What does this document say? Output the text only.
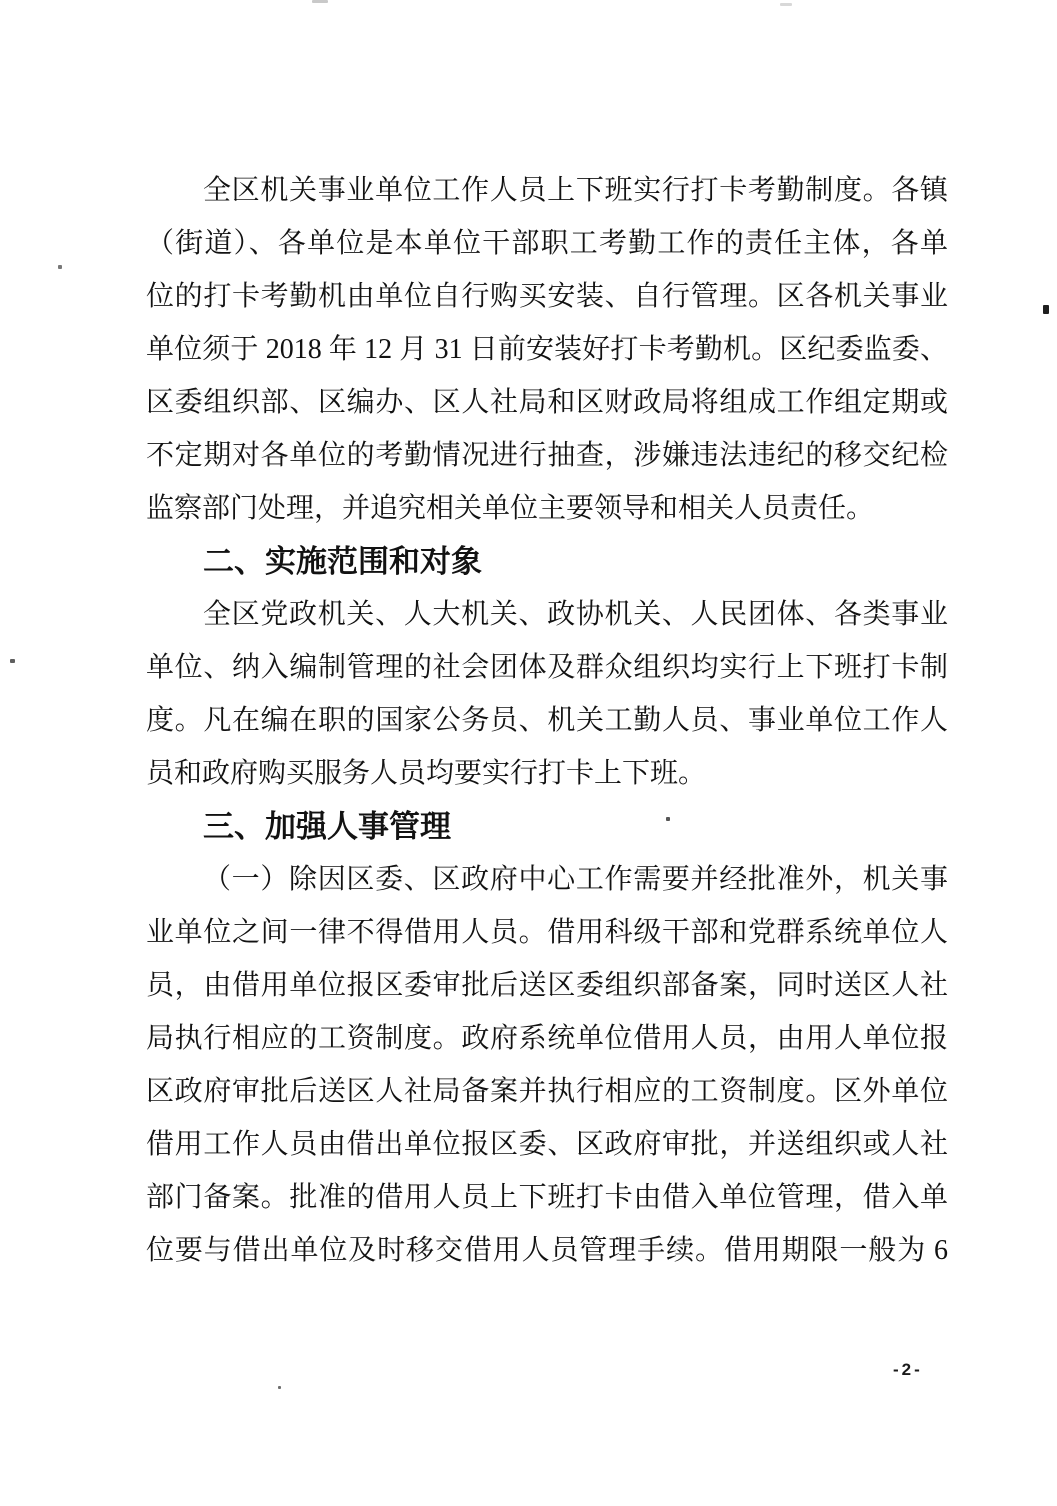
全区机关事业单位工作人员上下班实行打卡考勤制度。各镇
（街道）、各单位是本单位干部职工考勤工作的责任主体，各单
位的打卡考勤机由单位自行购买安装、自行管理。区各机关事业
单位须于 2018 年 12 月 31 日前安装好打卡考勤机。区纪委监委、
区委组织部、区编办、区人社局和区财政局将组成工作组定期或
不定期对各单位的考勤情况进行抽查，涉嫌违法违纪的移交纪检
监察部门处理，并追究相关单位主要领导和相关人员责任。
二、实施范围和对象
全区党政机关、人大机关、政协机关、人民团体、各类事业
单位、纳入编制管理的社会团体及群众组织均实行上下班打卡制
度。凡在编在职的国家公务员、机关工勤人员、事业单位工作人
员和政府购买服务人员均要实行打卡上下班。
三、加强人事管理
（一）除因区委、区政府中心工作需要并经批准外，机关事
业单位之间一律不得借用人员。借用科级干部和党群系统单位人
员，由借用单位报区委审批后送区委组织部备案，同时送区人社
局执行相应的工资制度。政府系统单位借用人员，由用人单位报
区政府审批后送区人社局备案并执行相应的工资制度。区外单位
借用工作人员由借出单位报区委、区政府审批，并送组织或人社
部门备案。批准的借用人员上下班打卡由借入单位管理，借入单
位要与借出单位及时移交借用人员管理手续。借用期限一般为 6
-2-
